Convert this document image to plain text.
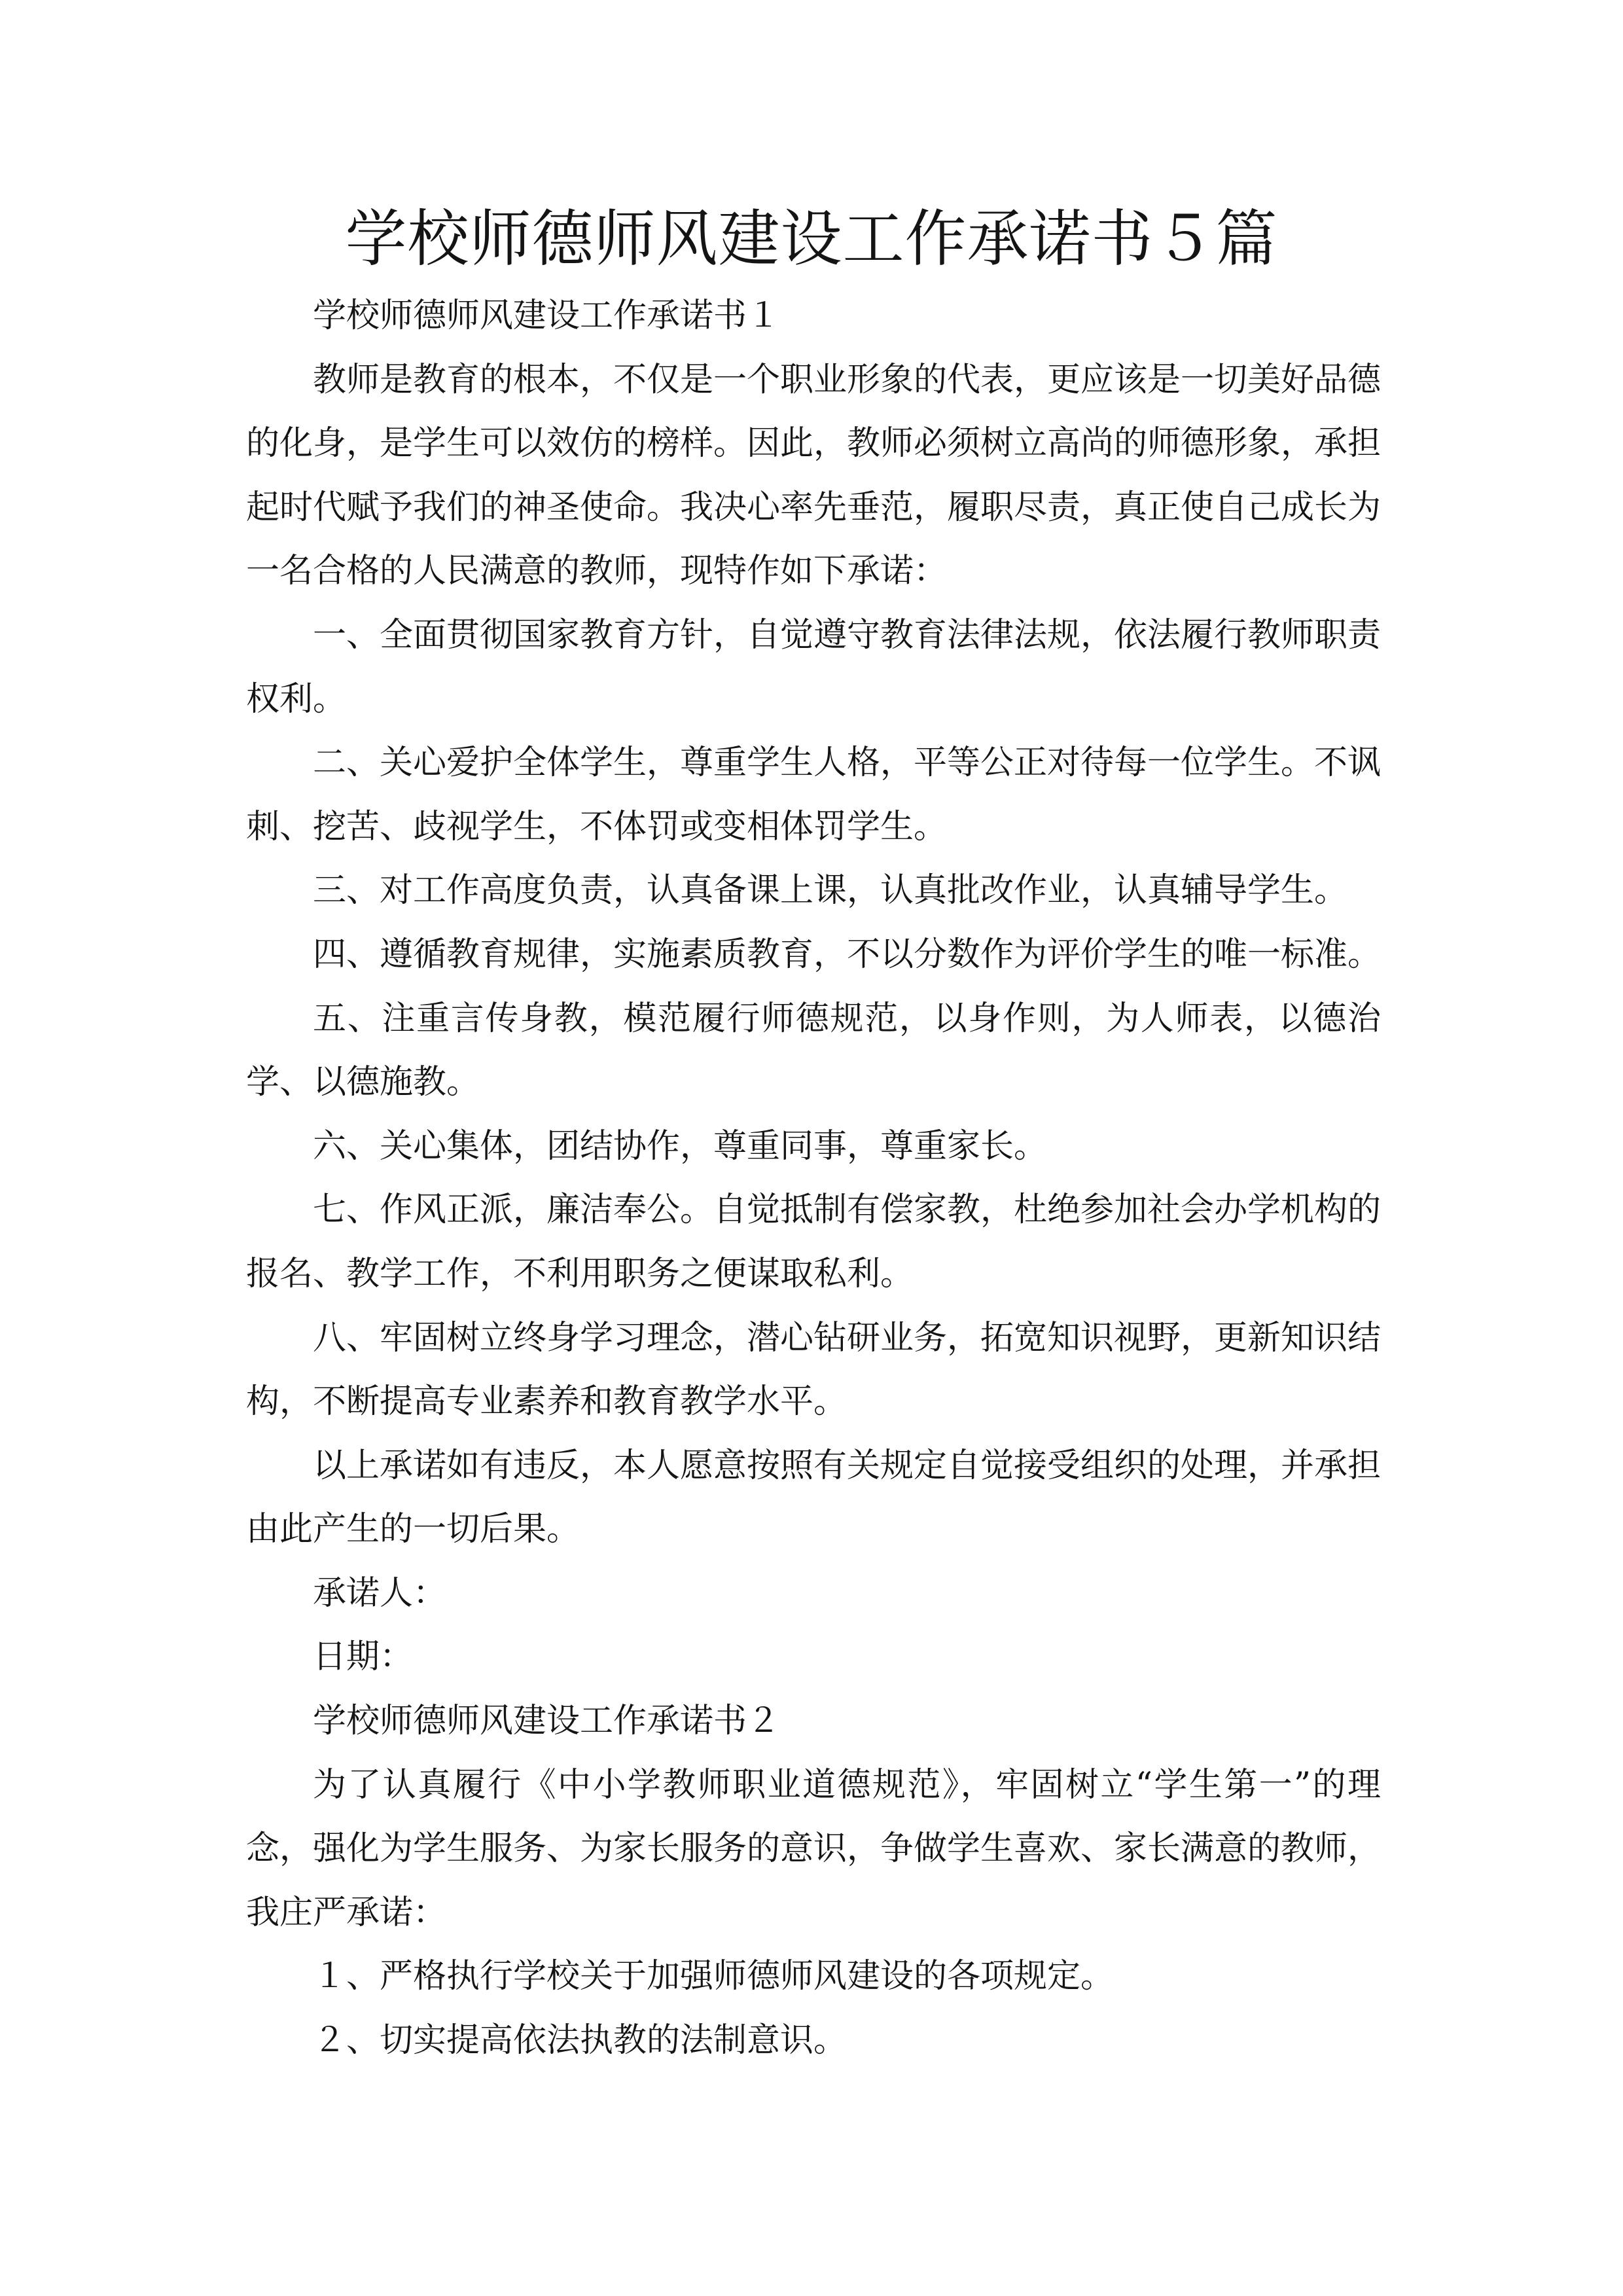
学校师德师风建设工作承诺书５篇

学校师德师风建设工作承诺书１

教师是教育的根本，不仅是一个职业形象的代表，更应该是一切美好品德的化身，是学生可以效仿的榜样。因此，教师必须树立高尚的师德形象，承担起时代赋予我们的神圣使命。我决心率先垂范，履职尽责，真正使自己成长为一名合格的人民满意的教师，现特作如下承诺：

一、全面贯彻国家教育方针，自觉遵守教育法律法规，依法履行教师职责权利。

二、关心爱护全体学生，尊重学生人格，平等公正对待每一位学生。不讽刺、挖苦、歧视学生，不体罚或变相体罚学生。

三、对工作高度负责，认真备课上课，认真批改作业，认真辅导学生。

四、遵循教育规律，实施素质教育，不以分数作为评价学生的唯一标准。

五、注重言传身教，模范履行师德规范，以身作则，为人师表，以德治学、以德施教。

六、关心集体，团结协作，尊重同事，尊重家长。

七、作风正派，廉洁奉公。自觉抵制有偿家教，杜绝参加社会办学机构的报名、教学工作，不利用职务之便谋取私利。

八、牢固树立终身学习理念，潜心钻研业务，拓宽知识视野，更新知识结构，不断提高专业素养和教育教学水平。

以上承诺如有违反，本人愿意按照有关规定自觉接受组织的处理，并承担由此产生的一切后果。

承诺人：

日期：

学校师德师风建设工作承诺书２

为了认真履行《中小学教师职业道德规范》，牢固树立“学生第一”的理念，强化为学生服务、为家长服务的意识，争做学生喜欢、家长满意的教师，我庄严承诺：

１、严格执行学校关于加强师德师风建设的各项规定。

２、切实提高依法执教的法制意识。
